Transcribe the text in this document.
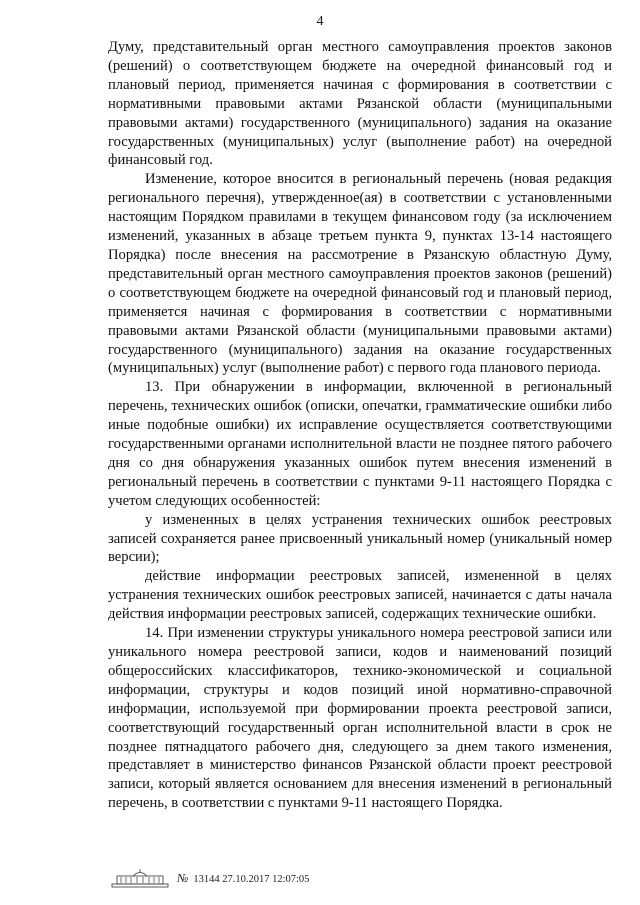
4

Думу, представительный орган местного самоуправления проектов законов (решений) о соответствующем бюджете на очередной финансовый год и плановый период, применяется начиная с формирования в соответствии с нормативными правовыми актами Рязанской области (муниципальными правовыми актами) государственного (муниципального) задания на оказание государственных (муниципальных) услуг (выполнение работ) на очередной финансовый год.

Изменение, которое вносится в региональный перечень (новая редакция регионального перечня), утвержденное(ая) в соответствии с установленными настоящим Порядком правилами в текущем финансовом году (за исключением изменений, указанных в абзаце третьем пункта 9, пунктах 13-14 настоящего Порядка) после внесения на рассмотрение в Рязанскую областную Думу, представительный орган местного самоуправления проектов законов (решений) о соответствующем бюджете на очередной финансовый год и плановый период, применяется начиная с формирования в соответствии с нормативными правовыми актами Рязанской области (муниципальными правовыми актами) государственного (муниципального) задания на оказание государственных (муниципальных) услуг (выполнение работ) с первого года планового периода.

13. При обнаружении в информации, включенной в региональный перечень, технических ошибок (описки, опечатки, грамматические ошибки либо иные подобные ошибки) их исправление осуществляется соответствующими государственными органами исполнительной власти не позднее пятого рабочего дня со дня обнаружения указанных ошибок путем внесения изменений в региональный перечень в соответствии с пунктами 9-11 настоящего Порядка с учетом следующих особенностей:

у измененных в целях устранения технических ошибок реестровых записей сохраняется ранее присвоенный уникальный номер (уникальный номер версии);

действие информации реестровых записей, измененной в целях устранения технических ошибок реестровых записей, начинается с даты начала действия информации реестровых записей, содержащих технические ошибки.

14. При изменении структуры уникального номера реестровой записи или уникального номера реестровой записи, кодов и наименований позиций общероссийских классификаторов, технико-экономической и социальной информации, структуры и кодов позиций иной нормативно-справочной информации, используемой при формировании проекта реестровой записи, соответствующий государственный орган исполнительной власти в срок не позднее пятнадцатого рабочего дня, следующего за днем такого изменения, представляет в министерство финансов Рязанской области проект реестровой записи, который является основанием для внесения изменений в региональный перечень, в соответствии с пунктами 9-11 настоящего Порядка.

№ 13144 27.10.2017 12:07:05
